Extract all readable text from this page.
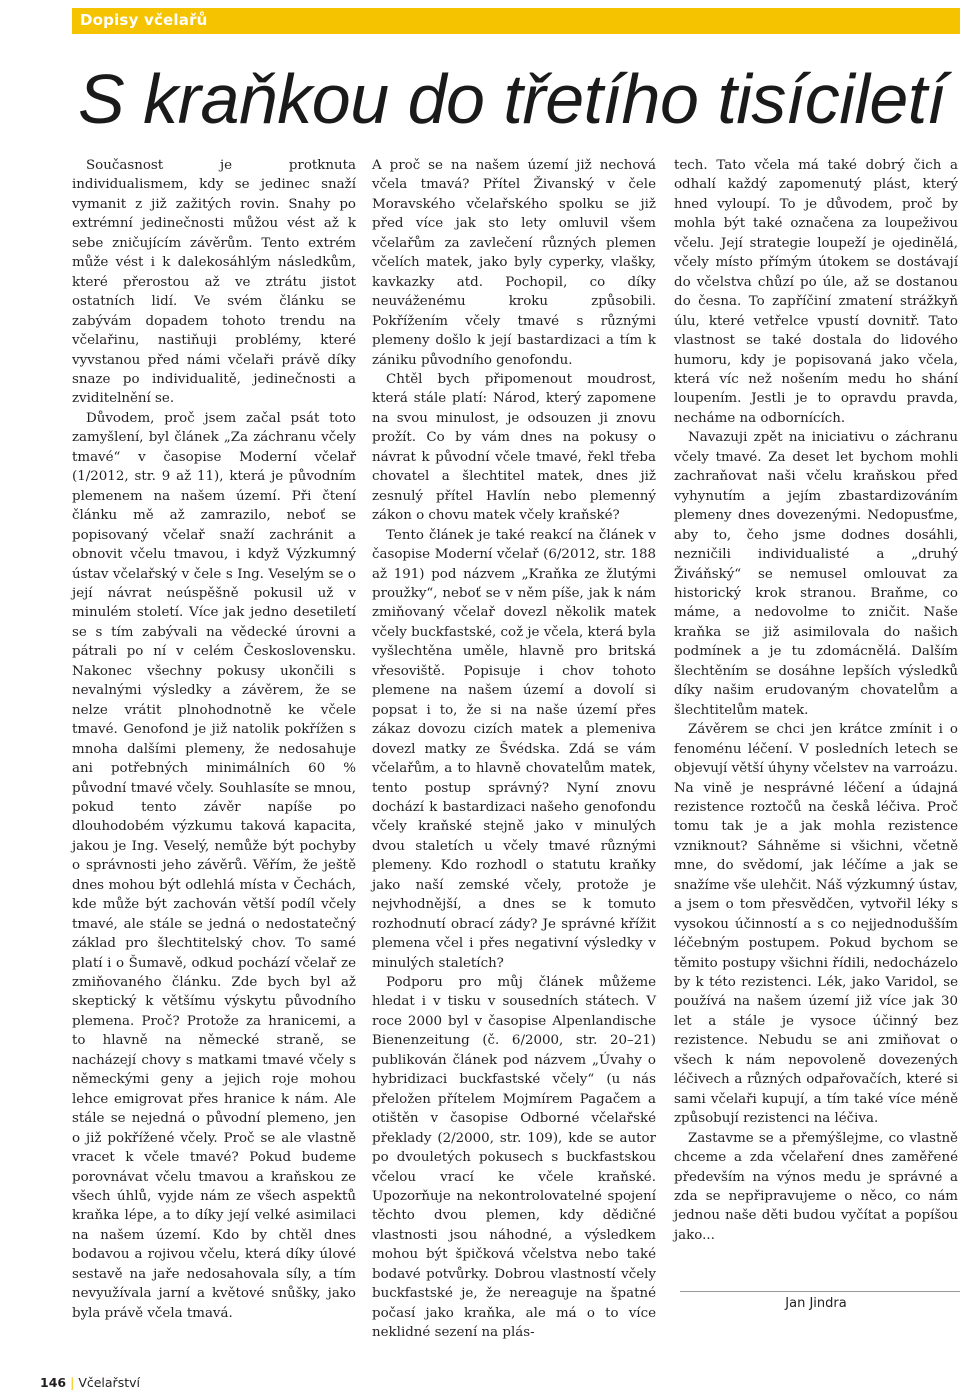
Dopisy včelařů
S kraňkou do třetího tisíciletí

Současnost je protknuta individualismem, kdy se jedinec snaží vymanit z již zažitých rovin. Snahy po extrémní jedinečnosti můžou vést až k sebe zničujícím závěrům. Tento extrém může vést i k dalekosáhlým následkům, které přerostou až ve ztrátu jistot ostatních lidí. Ve svém článku se zabývám dopadem tohoto trendu na včelařinu, nastiňuji problémy, které vyvstanou před námi včelaři právě díky snaze po individualitě, jedinečnosti a zviditelnění se.

Důvodem, proč jsem začal psát toto zamyšlení, byl článek „Za záchranu včely tmavé“ v časopise Moderní včelař (1/2012, str. 9 až 11), která je původním plemenem na našem území. Při čtení článku mě až zamrazilo, neboť se popisovaný včelař snaží zachránit a obnovit včelu tmavou, i když Výzkumný ústav včelařský v čele s Ing. Veselým se o její návrat neúspěšně pokusil už v minulém století. Více jak jedno desetiletí se s tím zabývali na vědecké úrovni a pátrali po ní v celém Československu. Nakonec všechny pokusy ukončili s nevalnými výsledky a závěrem, že se nelze vrátit plnohodnotně ke včele tmavé. Genofond je již natolik pokřížen s mnoha dalšími plemeny, že nedosahuje ani potřebných minimálních 60 % původní tmavé včely. Souhlasíte se mnou, pokud tento závěr napíše po dlouhodobém výzkumu taková kapacita, jakou je Ing. Veselý, nemůže být pochyby o správnosti jeho závěrů. Věřím, že ještě dnes mohou být odlehlá místa v Čechách, kde může být zachován větší podíl včely tmavé, ale stále se jedná o nedostatečný základ pro šlechtitelský chov. To samé platí i o Šumavě, odkud pochází včelař ze zmiňovaného článku. Zde bych byl až skeptický k většímu výskytu původního plemena. Proč? Protože za hranicemi, a to hlavně na německé straně, se nacházejí chovy s matkami tmavé včely s německými geny a jejich roje mohou lehce emigrovat přes hranice k nám. Ale stále se nejedná o původní plemeno, jen o již pokřížené včely. Proč se ale vlastně vracet k včele tmavé? Pokud budeme porovnávat včelu tmavou a kraňskou ze všech úhlů, vyjde nám ze všech aspektů kraňka lépe, a to díky její velké asimilaci na našem území. Kdo by chtěl dnes bodavou a rojivou včelu, která díky úlové sestavě na jaře nedosahovala síly, a tím nevyužívala jarní a květové snůšky, jako byla právě včela tmavá.

A proč se na našem území již nechová včela tmavá? Přítel Živanský v čele Moravského včelařského spolku se již před více jak sto lety omluvil všem včelařům za zavlečení různých plemen včelích matek, jako byly cyperky, vlašky, kavkazky atd. Pochopil, co díky neuváženému kroku způsobili. Pokřížením včely tmavé s různými plemeny došlo k její bastardizaci a tím k zániku původního genofondu.

Chtěl bych připomenout moudrost, která stále platí: Národ, který zapomene na svou minulost, je odsouzen ji znovu prožít. Co by vám dnes na pokusy o návrat k původní včele tmavé, řekl třeba chovatel a šlechtitel matek, dnes již zesnulý přítel Havlín nebo plemenný zákon o chovu matek včely kraňské?

Tento článek je také reakcí na článek v časopise Moderní včelař (6/2012, str. 188 až 191) pod názvem „Kraňka ze žlutými proužky“, neboť se v něm píše, jak k nám zmiňovaný včelař dovezl několik matek včely buckfastské, což je včela, která byla vyšlechtěna uměle, hlavně pro britská vřesoviště. Popisuje i chov tohoto plemene na našem území a dovolí si popsat i to, že si na naše území přes zákaz dovozu cizích matek a plemeniva dovezl matky ze Švédska. Zdá se vám včelařům, a to hlavně chovatelům matek, tento postup správný? Nyní znovu dochází k bastardizaci našeho genofondu včely kraňské stejně jako v minulých dvou staletích u včely tmavé různými plemeny. Kdo rozhodl o statutu kraňky jako naší zemské včely, protože je nejvhodnější, a dnes se k tomuto rozhodnutí obrací zády? Je správné křížit plemena včel i přes negativní výsledky v minulých staletích?

Podporu pro můj článek můžeme hledat i v tisku v sousedních státech. V roce 2000 byl v časopise Alpenlandische Bienenzeitung (č. 6/2000, str. 20–21) publikován článek pod názvem „Úvahy o hybridizaci buckfastské včely“ (u nás přeložen přítelem Mojmírem Pagačem a otištěn v časopise Odborné včelařské překlady (2/2000, str. 109), kde se autor po dvouletých pokusech s buckfastskou včelou vrací ke včele kraňské. Upozorňuje na nekontrolovatelné spojení těchto dvou plemen, kdy dědičné vlastnosti jsou náhodné, a výsledkem mohou být špičková včelstva nebo také bodavé potvůrky. Dobrou vlastností včely buckfastské je, že nereaguje na špatné počasí jako kraňka, ale má o to více neklidné sezení na plás-

tech. Tato včela má také dobrý čich a odhalí každý zapomenutý plást, který hned vyloupí. To je důvodem, proč by mohla být také označena za loupeživou včelu. Její strategie loupeží je ojedinělá, včely místo přímým útokem se dostávají do včelstva chůzí po úle, až se dostanou do česna. To zapříčiní zmatení strážkyň úlu, které vetřelce vpustí dovnitř. Tato vlastnost se také dostala do lidového humoru, kdy je popisovaná jako včela, která víc než nošením medu ho shání loupením. Jestli je to opravdu pravda, necháme na odbornících.

Navazuji zpět na iniciativu o záchranu včely tmavé. Za deset let bychom mohli zachraňovat naši včelu kraňskou před vyhynutím a jejím zbastardizováním plemeny dnes dovezenými. Nedopusťme, aby to, čeho jsme dodnes dosáhli, nezničili individualisté a „druhý Živáňský“ se nemusel omlouvat za historický krok stranou. Braňme, co máme, a nedovolme to zničit. Naše kraňka se již asimilovala do našich podmínek a je tu zdomácnělá. Dalším šlechtěním se dosáhne lepších výsledků díky našim erudovaným chovatelům a šlechtitelům matek.

Závěrem se chci jen krátce zmínit i o fenoménu léčení. V posledních letech se objevují větší úhyny včelstev na varroázu. Na vině je nesprávné léčení a údajná rezistence roztočů na českå léčiva. Proč tomu tak je a jak mohla rezistence vzniknout? Sáhněme si všichni, včetně mne, do svědomí, jak léčíme a jak se snažíme vše ulehčit. Náš výzkumný ústav, a jsem o tom přesvědčen, vytvořil léky s vysokou účinností a s co nejjednodušším léčebným postupem. Pokud bychom se těmito postupy všichni řídili, nedocházelo by k této rezistenci. Lék, jako Varidol, se používá na našem území již více jak 30 let a stále je vysoce účinný bez rezistence. Nebudu se ani zmiňovat o všech k nám nepovoleně dovezených léčivech a různých odpařovačích, které si sami včelaři kupují, a tím také více méně způsobují rezistenci na léčiva.

Zastavme se a přemýšlejme, co vlastně chceme a zda včelaření dnes zaměřené především na výnos medu je správné a zda se nepřipravujeme o něco, co nám jednou naše děti budou vyčítat a popíšou jako...

Jan Jindra
146 | Včelařství
